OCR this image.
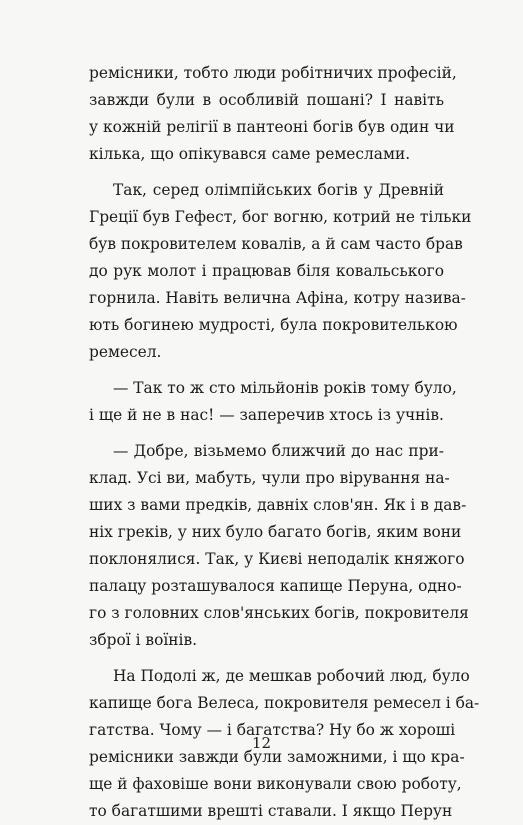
ремісники, тобто люди робітничих професій,
завжди були в особливій пошані? І навіть
у кожній релігії в пантеоні богів був один чи
кілька, що опікувався саме ремеслами.
Так, серед олімпійських богів у Древній
Греції був Гефест, бог вогню, котрий не тільки
був покровителем ковалів, а й сам часто брав
до рук молот і працював біля ковальського
горнила. Навіть велична Афіна, котру назива-
ють богинею мудрості, була покровителькою
ремесел.
— Так то ж сто мільйонів років тому було,
і ще й не в нас! — заперечив хтось із учнів.
— Добре, візьмемо ближчий до нас при-
клад. Усі ви, мабуть, чули про вірування на-
ших з вами предків, давніх слов'ян. Як і в дав-
ніх греків, у них було багато богів, яким вони
поклонялися. Так, у Києві неподалік княжого
палацу розташувалося капище Перуна, одно-
го з головних слов'янських богів, покровителя
зброї і воїнів.
На Подолі ж, де мешкав робочий люд, було
капище бога Велеса, покровителя ремесел і ба-
гатства. Чому — і багатства? Ну бо ж хороші
ремісники завжди були заможними, і що кра-
ще й фаховіше вони виконували свою роботу,
то багатшими врешті ставали. І якщо Перун
12
